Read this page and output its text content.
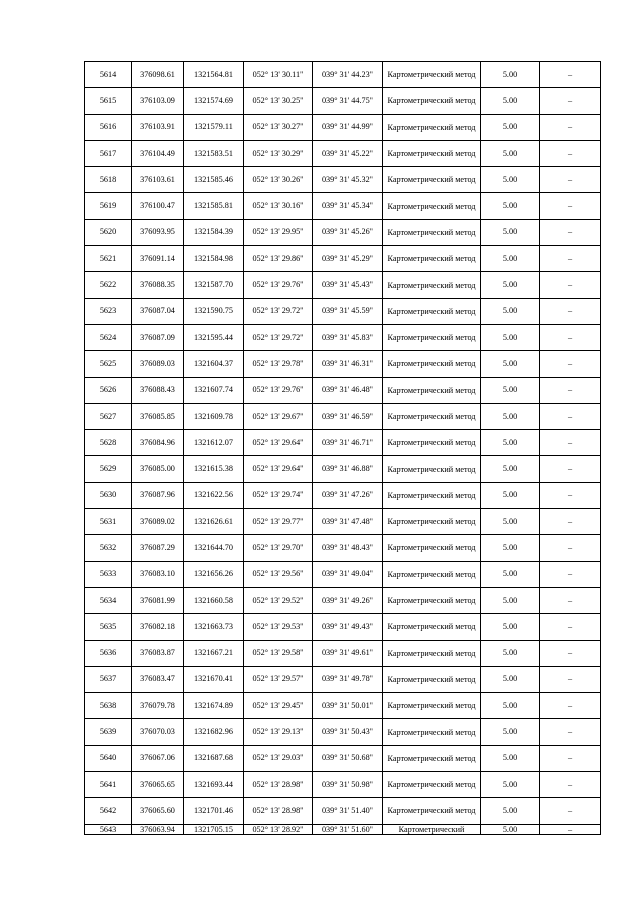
5614	376098.61	1321564.81	052° 13' 30.11"	039° 31' 44.23"	Картометрический метод	5.00	–
5615	376103.09	1321574.69	052° 13' 30.25"	039° 31' 44.75"	Картометрический метод	5.00	–
5616	376103.91	1321579.11	052° 13' 30.27"	039° 31' 44.99"	Картометрический метод	5.00	–
5617	376104.49	1321583.51	052° 13' 30.29"	039° 31' 45.22"	Картометрический метод	5.00	–
5618	376103.61	1321585.46	052° 13' 30.26"	039° 31' 45.32"	Картометрический метод	5.00	–
5619	376100.47	1321585.81	052° 13' 30.16"	039° 31' 45.34"	Картометрический метод	5.00	–
5620	376093.95	1321584.39	052° 13' 29.95"	039° 31' 45.26"	Картометрический метод	5.00	–
5621	376091.14	1321584.98	052° 13' 29.86"	039° 31' 45.29"	Картометрический метод	5.00	–
5622	376088.35	1321587.70	052° 13' 29.76"	039° 31' 45.43"	Картометрический метод	5.00	–
5623	376087.04	1321590.75	052° 13' 29.72"	039° 31' 45.59"	Картометрический метод	5.00	–
5624	376087.09	1321595.44	052° 13' 29.72"	039° 31' 45.83"	Картометрический метод	5.00	–
5625	376089.03	1321604.37	052° 13' 29.78"	039° 31' 46.31"	Картометрический метод	5.00	–
5626	376088.43	1321607.74	052° 13' 29.76"	039° 31' 46.48"	Картометрический метод	5.00	–
5627	376085.85	1321609.78	052° 13' 29.67"	039° 31' 46.59"	Картометрический метод	5.00	–
5628	376084.96	1321612.07	052° 13' 29.64"	039° 31' 46.71"	Картометрический метод	5.00	–
5629	376085.00	1321615.38	052° 13' 29.64"	039° 31' 46.88"	Картометрический метод	5.00	–
5630	376087.96	1321622.56	052° 13' 29.74"	039° 31' 47.26"	Картометрический метод	5.00	–
5631	376089.02	1321626.61	052° 13' 29.77"	039° 31' 47.48"	Картометрический метод	5.00	–
5632	376087.29	1321644.70	052° 13' 29.70"	039° 31' 48.43"	Картометрический метод	5.00	–
5633	376083.10	1321656.26	052° 13' 29.56"	039° 31' 49.04"	Картометрический метод	5.00	–
5634	376081.99	1321660.58	052° 13' 29.52"	039° 31' 49.26"	Картометрический метод	5.00	–
5635	376082.18	1321663.73	052° 13' 29.53"	039° 31' 49.43"	Картометрический метод	5.00	–
5636	376083.87	1321667.21	052° 13' 29.58"	039° 31' 49.61"	Картометрический метод	5.00	–
5637	376083.47	1321670.41	052° 13' 29.57"	039° 31' 49.78"	Картометрический метод	5.00	–
5638	376079.78	1321674.89	052° 13' 29.45"	039° 31' 50.01"	Картометрический метод	5.00	–
5639	376070.03	1321682.96	052° 13' 29.13"	039° 31' 50.43"	Картометрический метод	5.00	–
5640	376067.06	1321687.68	052° 13' 29.03"	039° 31' 50.68"	Картометрический метод	5.00	–
5641	376065.65	1321693.44	052° 13' 28.98"	039° 31' 50.98"	Картометрический метод	5.00	–
5642	376065.60	1321701.46	052° 13' 28.98"	039° 31' 51.40"	Картометрический метод	5.00	–
5643	376063.94	1321705.15	052° 13' 28.92"	039° 31' 51.60"	Картометрический	5.00	–
